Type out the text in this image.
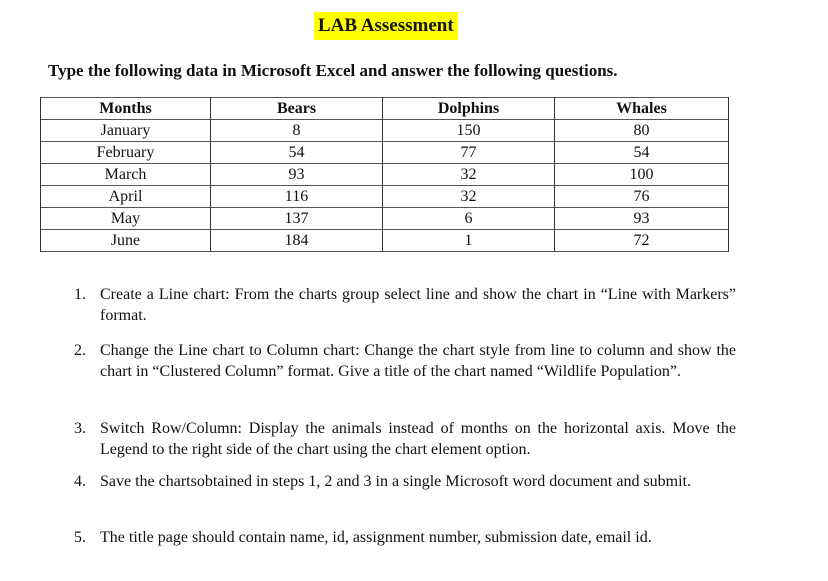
LAB Assessment
Type the following data in Microsoft Excel and answer the following questions.
Months	Bears	Dolphins	Whales
January	8	150	80
February	54	77	54
March	93	32	100
April	116	32	76
May	137	6	93
June	184	1	72
1. Create a Line chart: From the charts group select line and show the chart in “Line with Markers” format.
2. Change the Line chart to Column chart: Change the chart style from line to column and show the chart in “Clustered Column” format. Give a title of the chart named “Wildlife Population”.
3. Switch Row/Column: Display the animals instead of months on the horizontal axis. Move the Legend to the right side of the chart using the chart element option.
4. Save the chartsobtained in steps 1, 2 and 3 in a single Microsoft word document and submit.
5. The title page should contain name, id, assignment number, submission date, email id.
